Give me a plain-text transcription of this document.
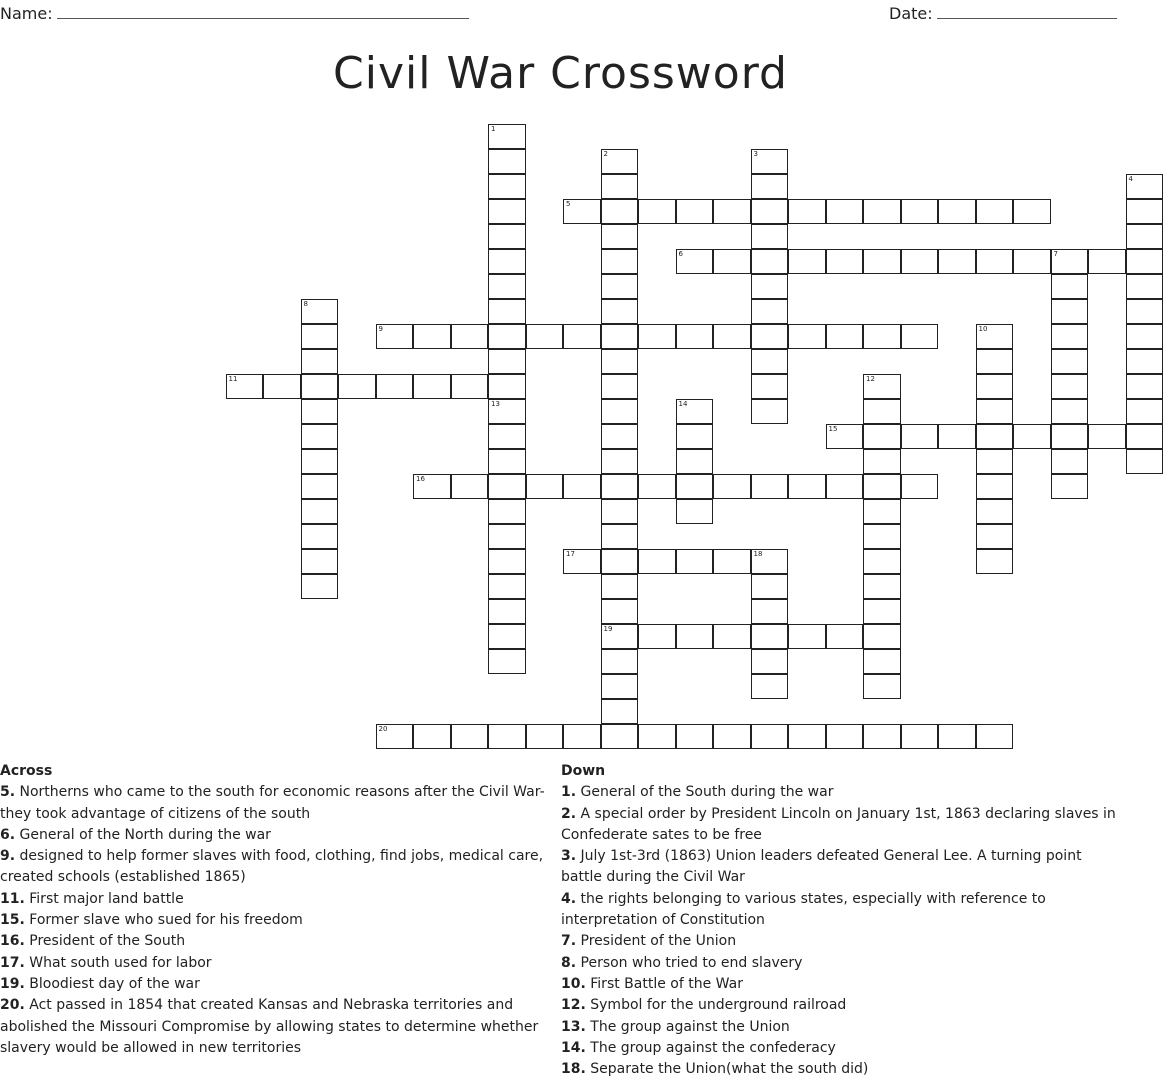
Name:	Date:
Civil War Crossword
1
13
2
19
3
4
5
6	7
8
9	10
11	12
14
15
16
17	18
20
Across
5. Northerns who came to the south for economic reasons after the Civil War-they took advantage of citizens of the south
6. General of the North during the war
9. designed to help former slaves with food, clothing, find jobs, medical care, created schools (established 1865)
11. First major land battle
15. Former slave who sued for his freedom
16. President of the South
17. What south used for labor
19. Bloodiest day of the war
20. Act passed in 1854 that created Kansas and Nebraska territories and abolished the Missouri Compromise by allowing states to determine whether slavery would be allowed in new territories
Down
1. General of the South during the war
2. A special order by President Lincoln on January 1st, 1863 declaring slaves in Confederate sates to be free
3. July 1st-3rd (1863) Union leaders defeated General Lee. A turning point battle during the Civil War
4. the rights belonging to various states, especially with reference to interpretation of Constitution
7. President of the Union
8. Person who tried to end slavery
10. First Battle of the War
12. Symbol for the underground railroad
13. The group against the Union
14. The group against the confederacy
18. Separate the Union(what the south did)
